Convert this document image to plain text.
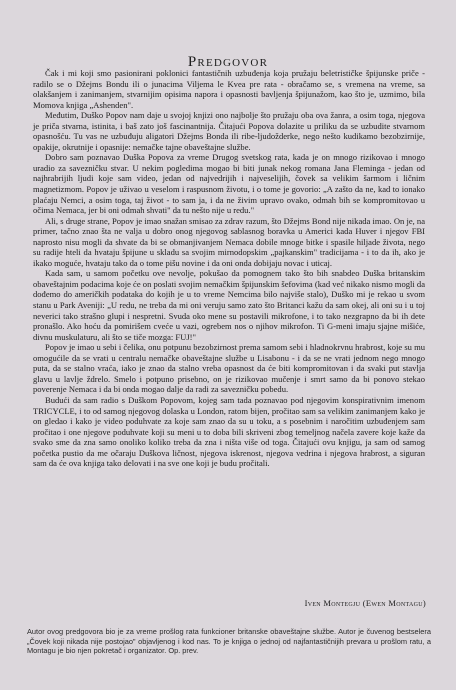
Predgovor

Čak i mi koji smo pasionirani poklonici fantastičnih uzbuđenja koja pružaju beletrističke špijunske priče - radilo se o Džejms Bondu ili o junacima Viljema le Kvea pre rata - obračamo se, s vremena na vreme, sa olakšanjem i zanimanjem, stvarnijim opisima napora i opasnosti bavljenja špijunažom, kao što je, uzmimo, bila Momova knjiga „Ashenden".

Međutim, Duško Popov nam daje u svojoj knjizi ono najbolje što pružaju oba ova žanra, a osim toga, njegova je priča stvarna, istinita, i baš zato još fascinantnija. Čitajući Popova dolazite u priliku da se uzbudite stvarnom opasnošću. Tu vas ne uzbuđuju aligatori Džejms Bonda ili ribe-ljudožderke, nego nešto kudikamo bezobzirnije, opakije, okrutnije i opasnije: nemačke tajne obaveštajne službe.

Dobro sam poznavao Duška Popova za vreme Drugog svetskog rata, kada je on mnogo rizikovao i mnogo uradio za savezničku stvar. U nekim pogledima mogao bi biti junak nekog romana Jana Fleminga - jedan od najhrabrijih ljudi koje sam video, jedan od najvedrijih i najveselijih, čovek sa velikim šarmom i ličnim magnetizmom. Popov je uživao u veselom i raspusnom životu, i o tome je govorio: „A zašto da ne, kad to ionako plaćaju Nemci, a osim toga, taj život - to sam ja, i da ne živim upravo ovako, odmah bih se kompromitovao u očima Nemaca, jer bi oni odmah shvati" da tu nešto nije u redu."

Ali, s druge strane, Popov je imao snažan smisao za zdrav razum, što Džejms Bond nije nikada imao. On je, na primer, tačno znao šta ne valja u dobro onog njegovog sablasnog boravka u Americi kada Huver i njegov FBI naprosto nisu mogli da shvate da bi se obmanjivanjem Nemaca dobile mnoge bitke i spasile hiljade života, nego su radije hteli da hvataju špijune u skladu sa svojim mirnodopskim „pajkanskim" tradicijama - i to da ih, ako je ikako moguće, hvataju tako da o tome pišu novine i da oni onda dobijaju novac i uticaj.

Kada sam, u samom početku ove nevolje, pokušao da pomognem tako što bih snabdeo Duška britanskim obaveštajnim podacima koje će on poslati svojim nemačkim špijunskim šefovima (kad već nikako nismo mogli da dođemo do američkih podataka do kojih je u to vreme Nemcima bilo najviše stalo), Duško mi je rekao u svom stanu u Park Aveniji: „U redu, ne treba da mi oni veruju samo zato što Britanci kažu da sam okej, ali oni su i u toj neverici tako strašno glupi i nespretni. Svuda oko mene su postavili mikrofone, i to tako nezgrapno da bi ih dete pronašlo. Ako hoću da pomirišem cveće u vazi, ogrebem nos o njihov mikrofon. Ti G-meni imaju sjajne mišiće, divnu muskulaturu, ali što se tiče mozga: FUJ!"

Popov je imao u sebi i čelika, onu potpunu bezobzirnost prema samom sebi i hladnokrvnu hrabrost, koje su mu omogućile da se vrati u centralu nemačke obaveštajne službe u Lisabonu - i da se ne vrati jednom nego mnogo puta, da se stalno vraća, iako je znao da stalno vreba opasnost da će biti kompromitovan i da svaki put stavlja glavu u lavlje ždrelo. Smelo i potpuno prisebno, on je rizikovao mučenje i smrt samo da bi ponovo stekao poverenje Nemaca i da bi onda mogao dalje da radi za savezničku pobedu.

Budući da sam radio s Duškom Popovom, kojeg sam tada poznavao pod njegovim konspirativnim imenom TRICYCLE, i to od samog njegovog dolaska u London, ratom bijen, pročitao sam sa velikim zanimanjem kako je on gledao i kako je video poduhvate za koje sam znao da su u toku, a s posebnim i naročitim uzbuđenjem sam pročitao i one njegove poduhvate koji su meni u to doba bili skriveni zbog temeljnog načela zavere koje kaže da svako sme da zna samo onoliko koliko treba da zna i ništa više od toga. Čitajući ovu knjigu, ja sam od samog početka pustio da me očaraju Duškova ličnost, njegova iskrenost, njegova vedrina i njegova hrabrost, a siguran sam da će ova knjiga tako delovati i na sve one koji je budu pročitali.

Iven Montegju (Ewen Montagu)
Autor ovog predgovora bio je za vreme prošlog rata funkcioner britanske obaveštajne službe. Autor je čuvenog bestselera „Čovek koji nikada nije postojao" objavljenog i kod nas. To je knjiga o jednoj od najfantastičnijih prevara u prošlom ratu, a Montagu je bio njen pokretač i organizator. Op. prev.
